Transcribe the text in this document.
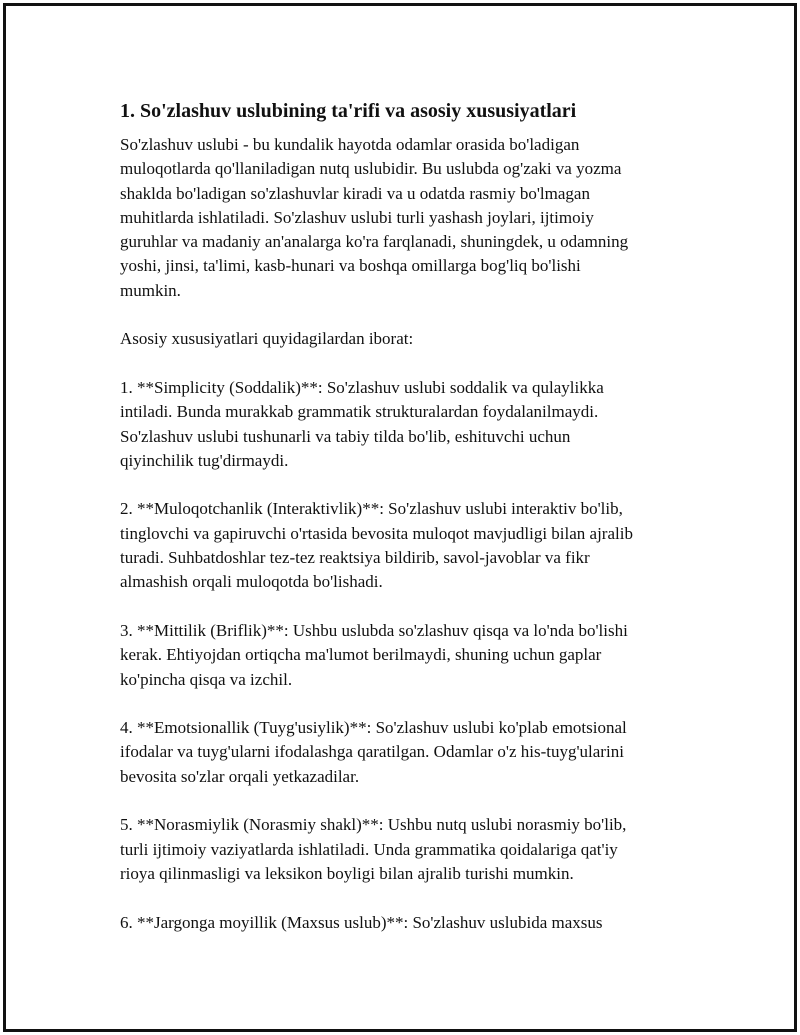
1. So'zlashuv uslubining ta'rifi va asosiy xususiyatlari

So'zlashuv uslubi - bu kundalik hayotda odamlar orasida bo'ladigan
muloqotlarda qo'llaniladigan nutq uslubidir. Bu uslubda og'zaki va yozma
shaklda bo'ladigan so'zlashuvlar kiradi va u odatda rasmiy bo'lmagan
muhitlarda ishlatiladi. So'zlashuv uslubi turli yashash joylari, ijtimoiy
guruhlar va madaniy an'analarga ko'ra farqlanadi, shuningdek, u odamning
yoshi, jinsi, ta'limi, kasb-hunari va boshqa omillarga bog'liq bo'lishi
mumkin.

Asosiy xususiyatlari quyidagilardan iborat:

1. **Simplicity (Soddalik)**: So'zlashuv uslubi soddalik va qulaylikka
intiladi. Bunda murakkab grammatik strukturalardan foydalanilmaydi.
So'zlashuv uslubi tushunarli va tabiy tilda bo'lib, eshituvchi uchun
qiyinchilik tug'dirmaydi.

2. **Muloqotchanlik (Interaktivlik)**: So'zlashuv uslubi interaktiv bo'lib,
tinglovchi va gapiruvchi o'rtasida bevosita muloqot mavjudligi bilan ajralib
turadi. Suhbatdoshlar tez-tez reaktsiya bildirib, savol-javoblar va fikr
almashish orqali muloqotda bo'lishadi.

3. **Mittilik (Briflik)**: Ushbu uslubda so'zlashuv qisqa va lo'nda bo'lishi
kerak. Ehtiyojdan ortiqcha ma'lumot berilmaydi, shuning uchun gaplar
ko'pincha qisqa va izchil.

4. **Emotsionallik (Tuyg'usiylik)**: So'zlashuv uslubi ko'plab emotsional
ifodalar va tuyg'ularni ifodalashga qaratilgan. Odamlar o'z his-tuyg'ularini
bevosita so'zlar orqali yetkazadilar.

5. **Norasmiylik (Norasmiy shakl)**: Ushbu nutq uslubi norasmiy bo'lib,
turli ijtimoiy vaziyatlarda ishlatiladi. Unda grammatika qoidalariga qat'iy
rioya qilinmasligi va leksikon boyligi bilan ajralib turishi mumkin.

6. **Jargonga moyillik (Maxsus uslub)**: So'zlashuv uslubida maxsus
